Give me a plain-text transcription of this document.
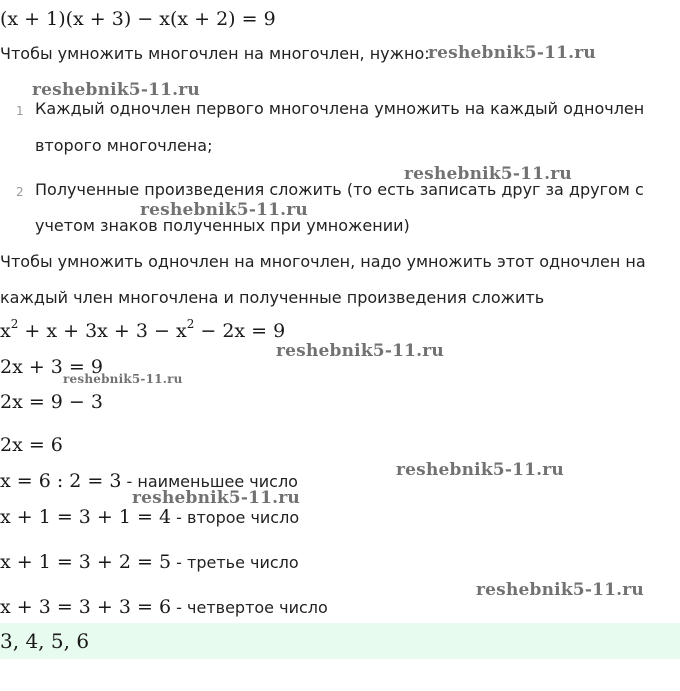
(x + 1)(x + 3) − x(x + 2) = 9
Чтобы умножить многочлен на многочлен, нужно:
reshebnik5-11.ru
reshebnik5-11.ru
1 Каждый одночлен первого многочлена умножить на каждый одночлен
второго многочлена;
reshebnik5-11.ru
2 Полученные произведения сложить (то есть записать друг за другом с
reshebnik5-11.ru
учетом знаков полученных при умножении)
Чтобы умножить одночлен на многочлен, надо умножить этот одночлен на
каждый член многочлена и полученные произведения сложить
$x^2 + x + 3x + 3 - x^2 - 2x = 9$
reshebnik5-11.ru
2x + 3 = 9
reshebnik5-11.ru
2x = 9 − 3
2x = 6
x = 6 : 2 = 3 - наименьшее число
reshebnik5-11.ru
reshebnik5-11.ru
x + 1 = 3 + 1 = 4 - второе число
x + 1 = 3 + 2 = 5 - третье число
reshebnik5-11.ru
x + 3 = 3 + 3 = 6 - четвертое число
3, 4, 5, 6
